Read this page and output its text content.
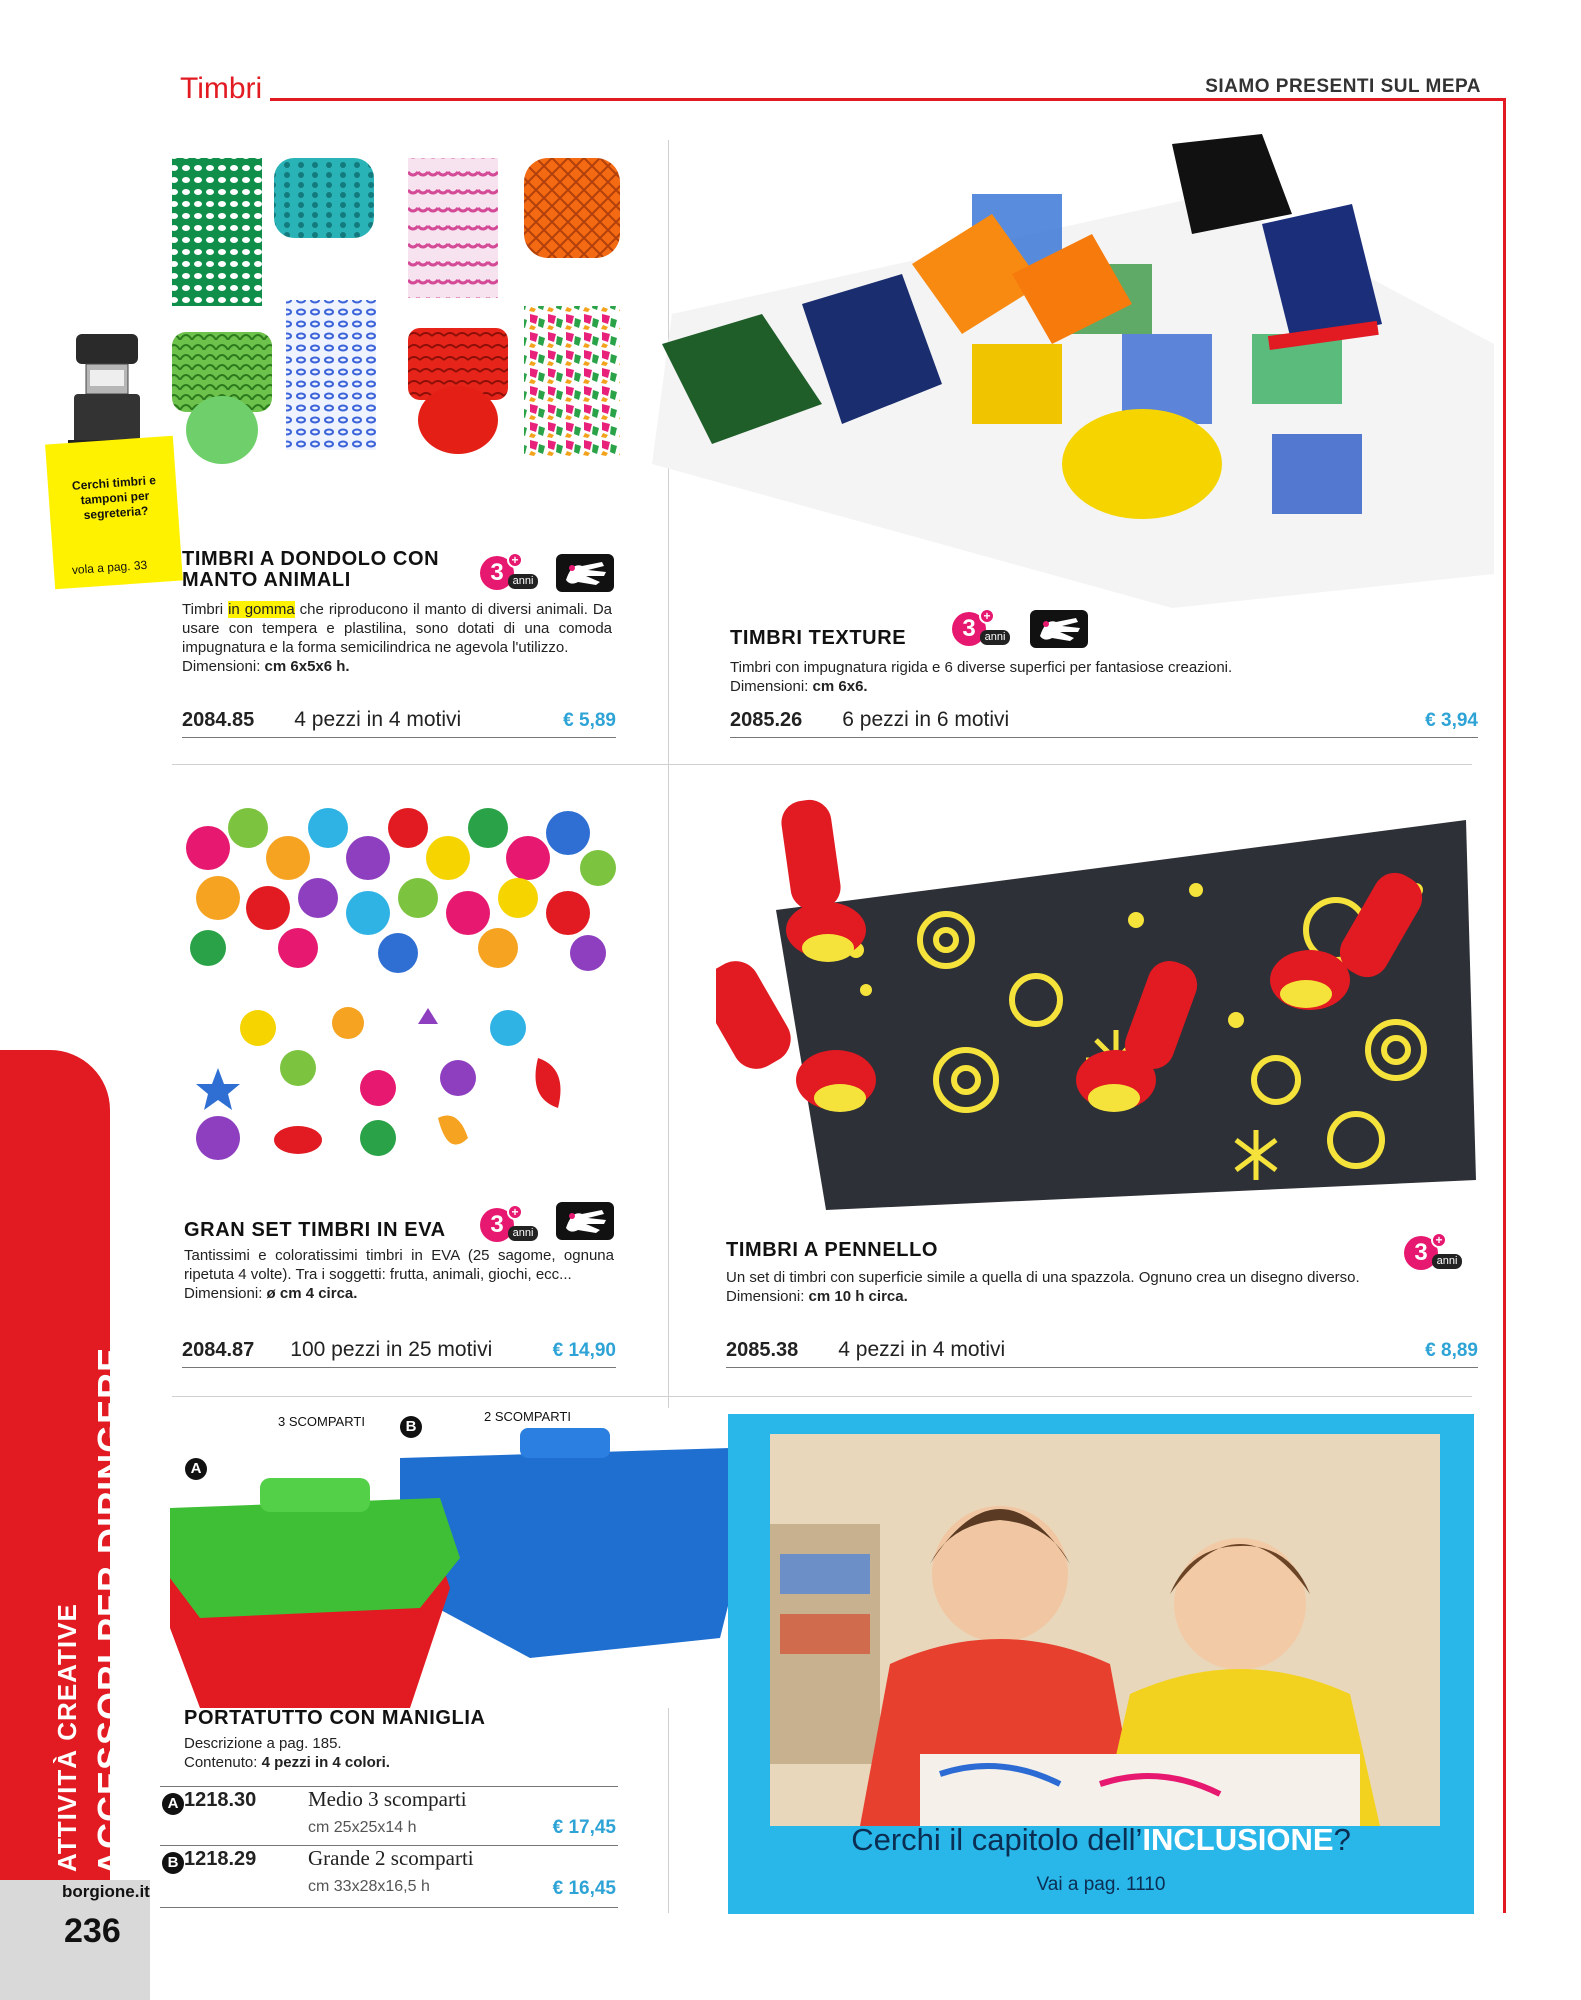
Timbri	SIAMO PRESENTI SUL MEPA
Cerchi timbri e tamponi per segreteria?
vola a pag. 33 TIMBRI A DONDOLO CON MANTO ANIMALI	3 +
anni
Timbri in gomma che riproducono il manto di diversi animali. Da usare con tempera e plastilina, sono dotati di una comoda impugnatura e la forma semicilindrica ne agevola l'utilizzo.
Dimensioni: cm 6x5x6 h.
2084.85 4 pezzi in 4 motivi	€ 5,89
TIMBRI TEXTURE	3 +
anni
Timbri con impugnatura rigida e 6 diverse superfici per fantasiose creazioni.
Dimensioni: cm 6x6.
2085.26 6 pezzi in 6 motivi	€ 3,94
GRAN SET TIMBRI IN EVA	3 +
anni
Tantissimi e coloratissimi timbri in EVA (25 sagome, ognuna ripetuta 4 volte). Tra i soggetti: frutta, animali, giochi, ecc...
Dimensioni: ø cm 4 circa.
2084.87 100 pezzi in 25 motivi	€ 14,90
TIMBRI A PENNELLO	3 +
anni
Un set di timbri con superficie simile a quella di una spazzola. Ognuno crea un disegno diverso.
Dimensioni: cm 10 h circa.
2085.38 4 pezzi in 4 motivi	€ 8,89
3 SCOMPARTI	2 SCOMPARTI
A
B
PORTATUTTO CON MANIGLIA
Descrizione a pag. 185.
Contenuto: 4 pezzi in 4 colori.
A 1218.30 Medio 3 scomparti
cm 25x25x14 h	€ 17,45
B 1218.29 Grande 2 scomparti
cm 33x28x16,5 h	€ 16,45
Cerchi il capitolo dell’INCLUSIONE?
Vai a pag. 1110
ATTIVITÀ CREATIVE ACCESSORI PER DIPINGERE
borgione.it
236
